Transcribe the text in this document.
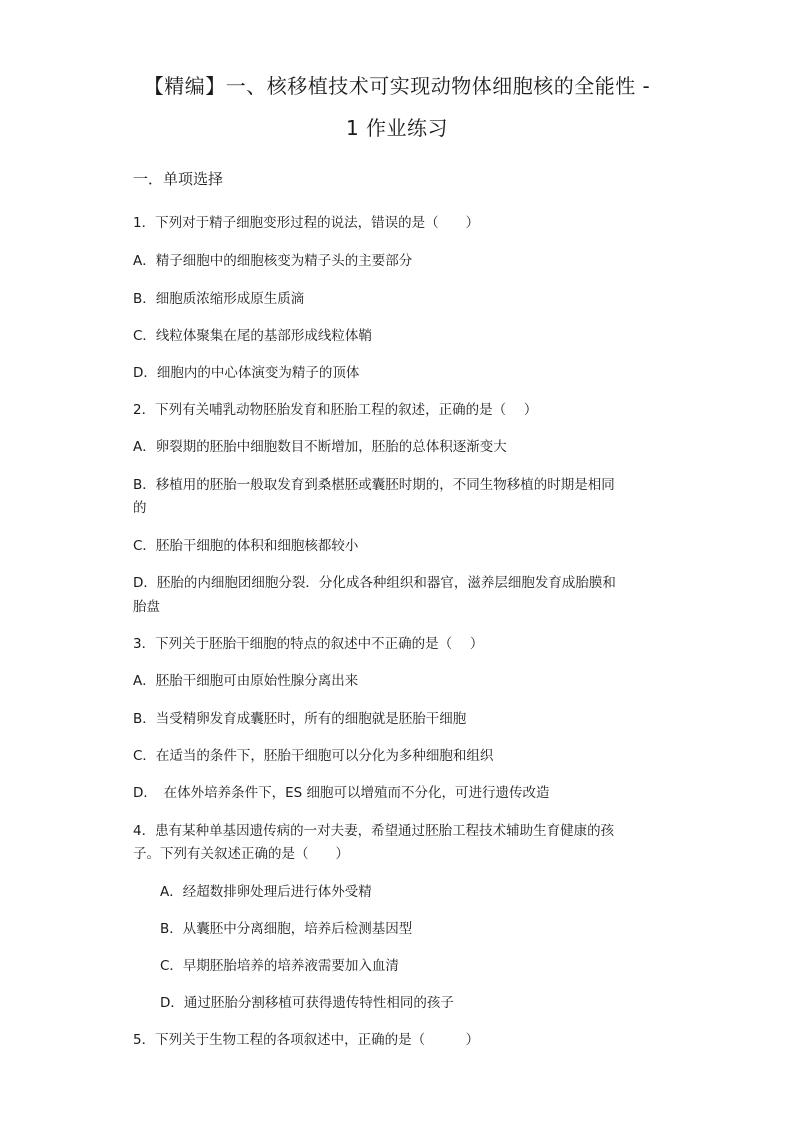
【精编】一、核移植技术可实现动物体细胞核的全能性 -
1 作业练习
一．单项选择
1．下列对于精子细胞变形过程的说法，错误的是（　　）
A．精子细胞中的细胞核变为精子头的主要部分
B．细胞质浓缩形成原生质滴
C．线粒体聚集在尾的基部形成线粒体鞘
D．细胞内的中心体演变为精子的顶体
2．下列有关哺乳动物胚胎发育和胚胎工程的叙述，正确的是（　 ）
A．卵裂期的胚胎中细胞数目不断增加，胚胎的总体积逐渐变大
B．移植用的胚胎一般取发育到桑椹胚或囊胚时期的，不同生物移植的时期是相同
的
C．胚胎干细胞的体积和细胞核都较小
D．胚胎的内细胞团细胞分裂．分化成各种组织和器官，滋养层细胞发育成胎膜和
胎盘
3．下列关于胚胎干细胞的特点的叙述中不正确的是（　 ）
A．胚胎干细胞可由原始性腺分离出来
B．当受精卵发育成囊胚时，所有的细胞就是胚胎干细胞
C．在适当的条件下，胚胎干细胞可以分化为多种细胞和组织
D．　在体外培养条件下，ES 细胞可以增殖而不分化，可进行遗传改造
4．患有某种单基因遗传病的一对夫妻，希望通过胚胎工程技术辅助生育健康的孩
子。下列有关叙述正确的是（　　）
A．经超数排卵处理后进行体外受精
B．从囊胚中分离细胞，培养后检测基因型
C．早期胚胎培养的培养液需要加入血清
D．通过胚胎分割移植可获得遗传特性相同的孩子
5．下列关于生物工程的各项叙述中，正确的是（　　　）
